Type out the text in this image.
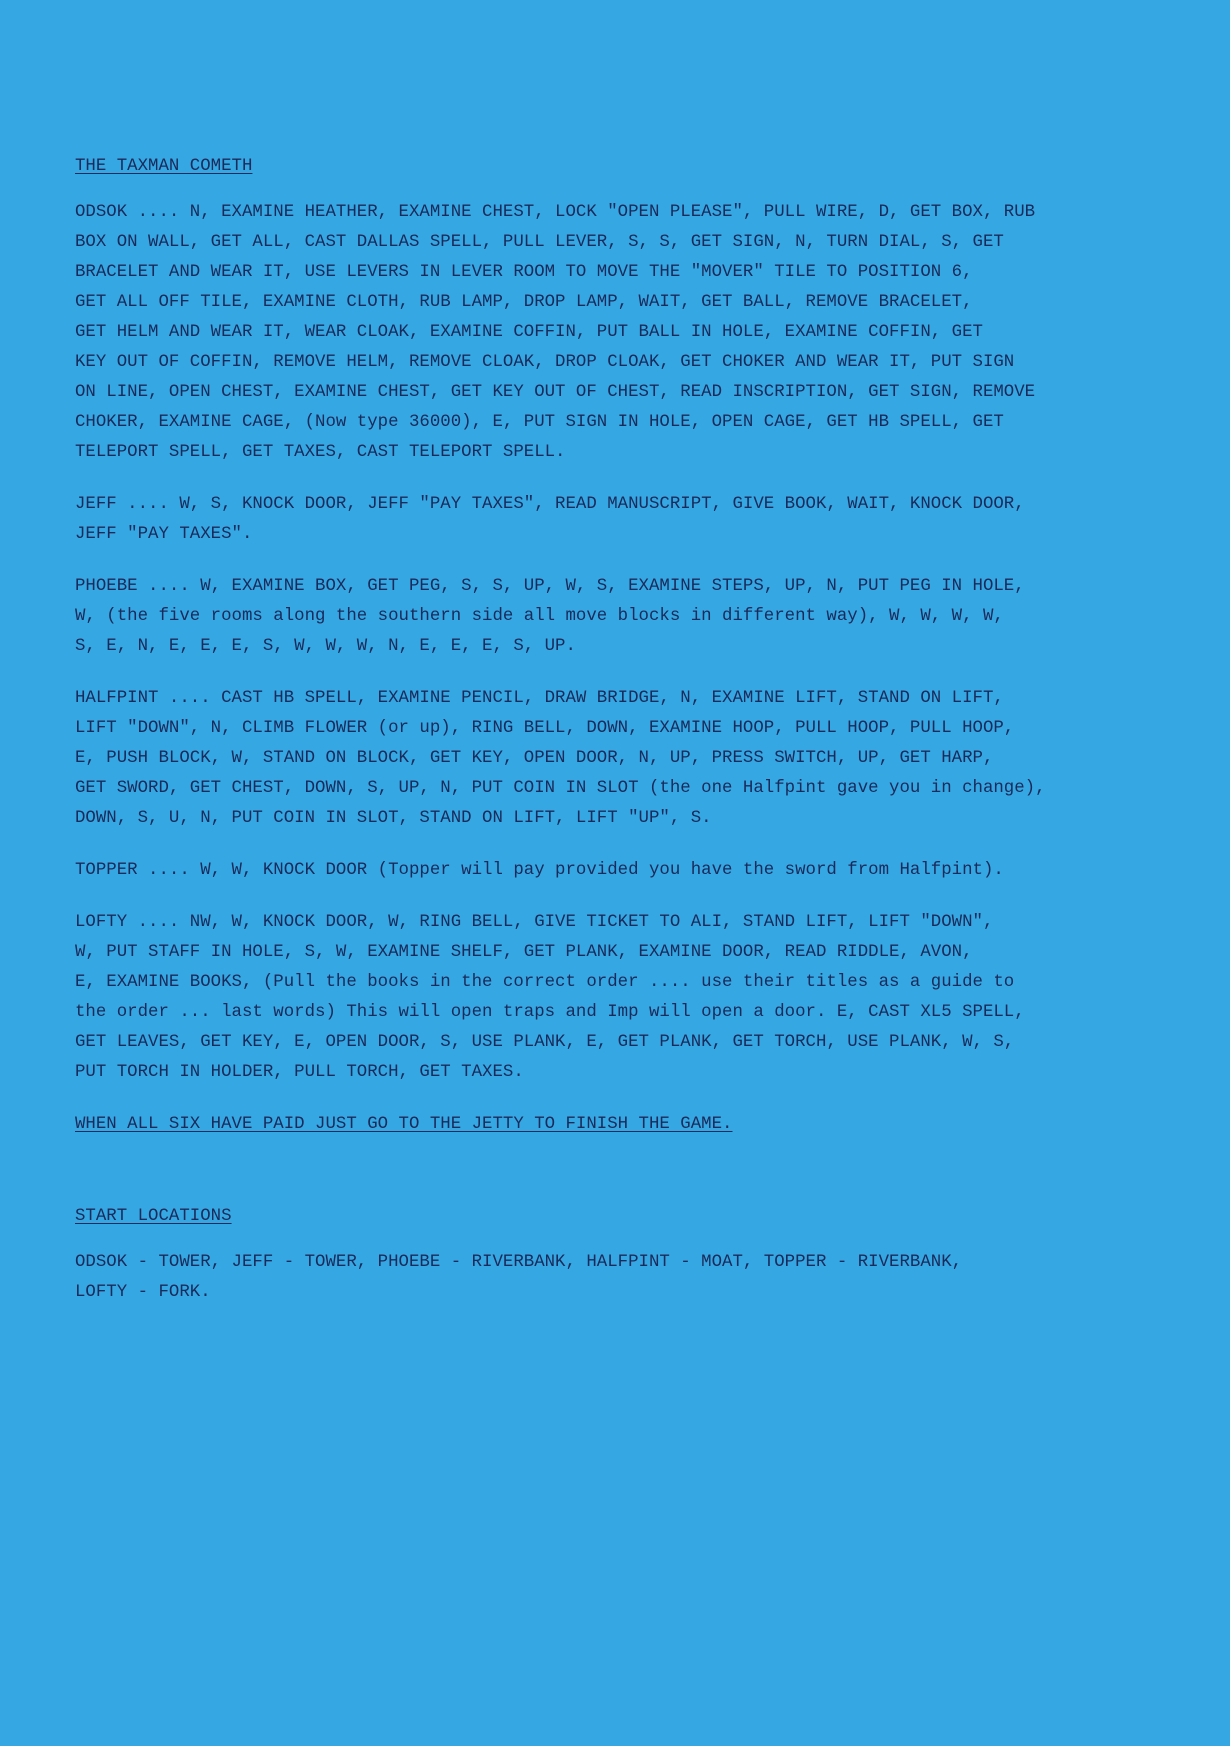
THE TAXMAN COMETH
ODSOK .... N, EXAMINE HEATHER, EXAMINE CHEST, LOCK "OPEN PLEASE", PULL WIRE, D, GET BOX, RUB
BOX ON WALL, GET ALL, CAST DALLAS SPELL, PULL LEVER, S, S, GET SIGN, N, TURN DIAL, S, GET
BRACELET AND WEAR IT, USE LEVERS IN LEVER ROOM TO MOVE THE "MOVER" TILE TO POSITION 6,
GET ALL OFF TILE, EXAMINE CLOTH, RUB LAMP, DROP LAMP, WAIT, GET BALL, REMOVE BRACELET,
GET HELM AND WEAR IT, WEAR CLOAK, EXAMINE COFFIN, PUT BALL IN HOLE, EXAMINE COFFIN, GET
KEY OUT OF COFFIN, REMOVE HELM, REMOVE CLOAK, DROP CLOAK, GET CHOKER AND WEAR IT, PUT SIGN
ON LINE, OPEN CHEST, EXAMINE CHEST, GET KEY OUT OF CHEST, READ INSCRIPTION, GET SIGN, REMOVE
CHOKER, EXAMINE CAGE, (Now type 36000), E, PUT SIGN IN HOLE, OPEN CAGE, GET HB SPELL, GET
TELEPORT SPELL, GET TAXES, CAST TELEPORT SPELL.
JEFF .... W, S, KNOCK DOOR, JEFF "PAY TAXES", READ MANUSCRIPT, GIVE BOOK, WAIT, KNOCK DOOR,
JEFF "PAY TAXES".
PHOEBE .... W, EXAMINE BOX, GET PEG, S, S, UP, W, S, EXAMINE STEPS, UP, N, PUT PEG IN HOLE,
W, (the five rooms along the southern side all move blocks in different way), W, W, W, W,
S, E, N, E, E, E, S, W, W, W, N, E, E, E, S, UP.
HALFPINT .... CAST HB SPELL, EXAMINE PENCIL, DRAW BRIDGE, N, EXAMINE LIFT, STAND ON LIFT,
LIFT "DOWN", N, CLIMB FLOWER (or up), RING BELL, DOWN, EXAMINE HOOP, PULL HOOP, PULL HOOP,
E, PUSH BLOCK, W, STAND ON BLOCK, GET KEY, OPEN DOOR, N, UP, PRESS SWITCH, UP, GET HARP,
GET SWORD, GET CHEST, DOWN, S, UP, N, PUT COIN IN SLOT (the one Halfpint gave you in change),
DOWN, S, U, N, PUT COIN IN SLOT, STAND ON LIFT, LIFT "UP", S.
TOPPER .... W, W, KNOCK DOOR (Topper will pay provided you have the sword from Halfpint).
LOFTY .... NW, W, KNOCK DOOR, W, RING BELL, GIVE TICKET TO ALI, STAND LIFT, LIFT "DOWN",
W, PUT STAFF IN HOLE, S, W, EXAMINE SHELF, GET PLANK, EXAMINE DOOR, READ RIDDLE, AVON,
E, EXAMINE BOOKS, (Pull the books in the correct order .... use their titles as a guide to
the order ... last words) This will open traps and Imp will open a door. E, CAST XL5 SPELL,
GET LEAVES, GET KEY, E, OPEN DOOR, S, USE PLANK, E, GET PLANK, GET TORCH, USE PLANK, W, S,
PUT TORCH IN HOLDER, PULL TORCH, GET TAXES.

WHEN ALL SIX HAVE PAID JUST GO TO THE JETTY TO FINISH THE GAME.

START LOCATIONS
ODSOK - TOWER, JEFF - TOWER, PHOEBE - RIVERBANK, HALFPINT - MOAT, TOPPER - RIVERBANK,
LOFTY - FORK.
